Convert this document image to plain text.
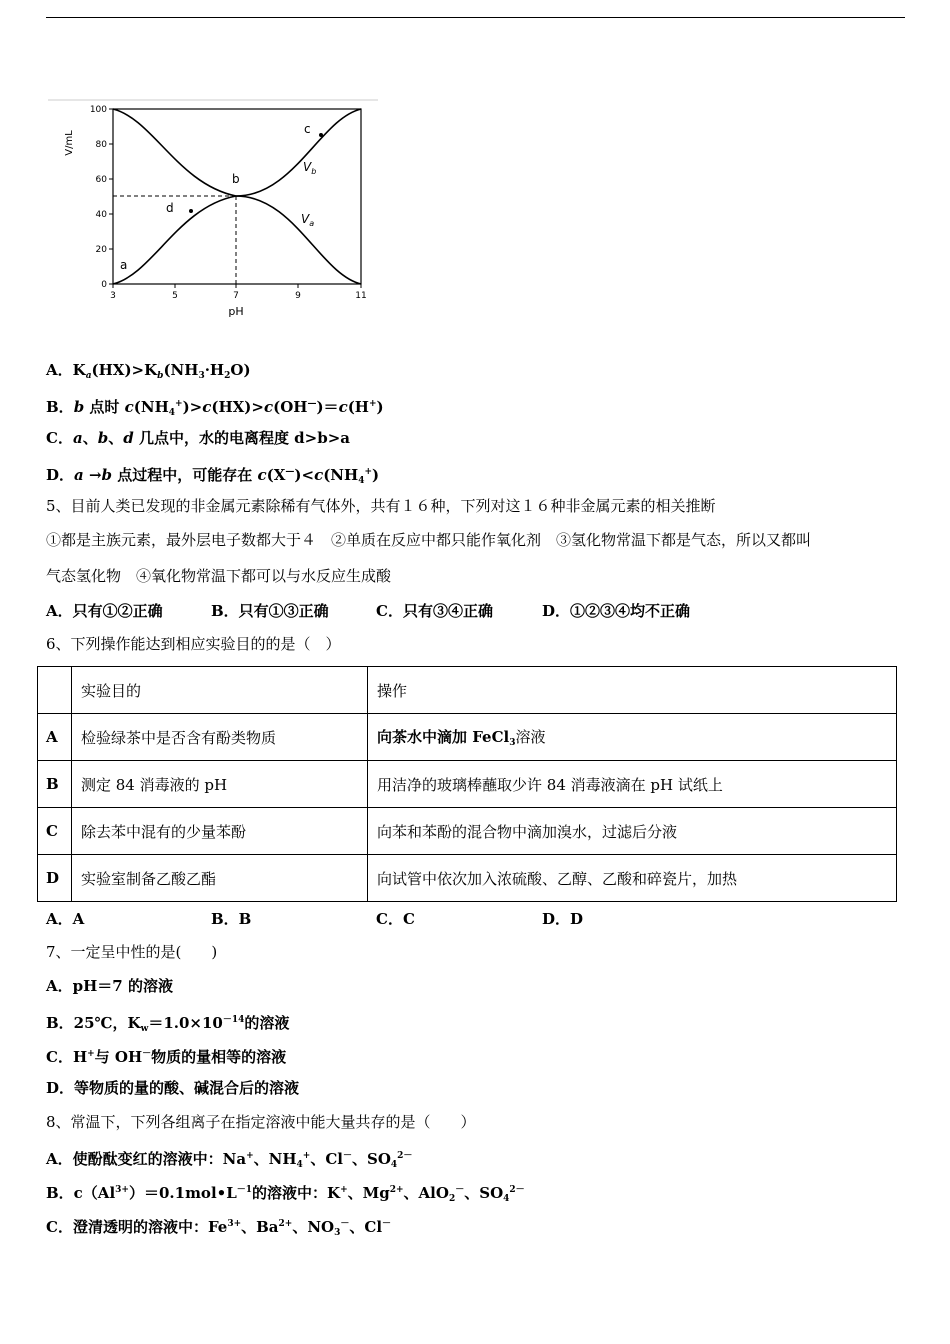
0
20
40
60
80
100
3	5	7	9	11
pH
V/mL
a
b
c
d
$V_b$
$V_a$
A．$K_a(HX)>K_b(NH_3\cdot H_2O)$
B．b 点时 $c(NH_4^+)>c(HX)>c(OH^—)=c(H^+)$
C．a、b、d 几点中，水的电离程度 d>b>a
D．a →b 点过程中，可能存在 $c(X^—)<c(NH_4^+)$
5、目前人类已发现的非金属元素除稀有气体外，共有１６种，下列对这１６种非金属元素的相关推断
①都是主族元素，最外层电子数都大于４　②单质在反应中都只能作氧化剂　③氢化物常温下都是气态，所以又都叫
气态氢化物　④氧化物常温下都可以与水反应生成酸
A．只有①②正确	B．只有①③正确	C．只有③④正确	D．①②③④均不正确
6、下列操作能达到相应实验目的的是（　）
	实验目的	操作
A	检验绿茶中是否含有酚类物质	向茶水中滴加 FeCl$_3$溶液
B	测定 84 消毒液的 pH	用洁净的玻璃棒蘸取少许 84 消毒液滴在 pH 试纸上
C	除去苯中混有的少量苯酚	向苯和苯酚的混合物中滴加溴水，过滤后分液
D	实验室制备乙酸乙酯	向试管中依次加入浓硫酸、乙醇、乙酸和碎瓷片，加热
A．A	B．B	C．C	D．D
7、一定呈中性的是(　　)
A．pH＝7 的溶液
B．25℃，$K_w=1.0\times 10^{-14}$的溶液
C．H+与 OH－物质的量相等的溶液
D．等物质的量的酸、碱混合后的溶液
8、常温下，下列各组离子在指定溶液中能大量共存的是（　　）
A．使酚酞变红的溶液中：Na+、$NH_4^+$、Cl－、$SO_4^{2-}$
B．$c(Al^{3+})=0.1mol•L^{-1}$的溶液中：K+、$Mg^{2+}$、AlO$_2$－、$SO_4^{2-}$
C．澄清透明的溶液中：$Fe^{3+}$、$Ba^{2+}$、$NO_3^-$、Cl－
